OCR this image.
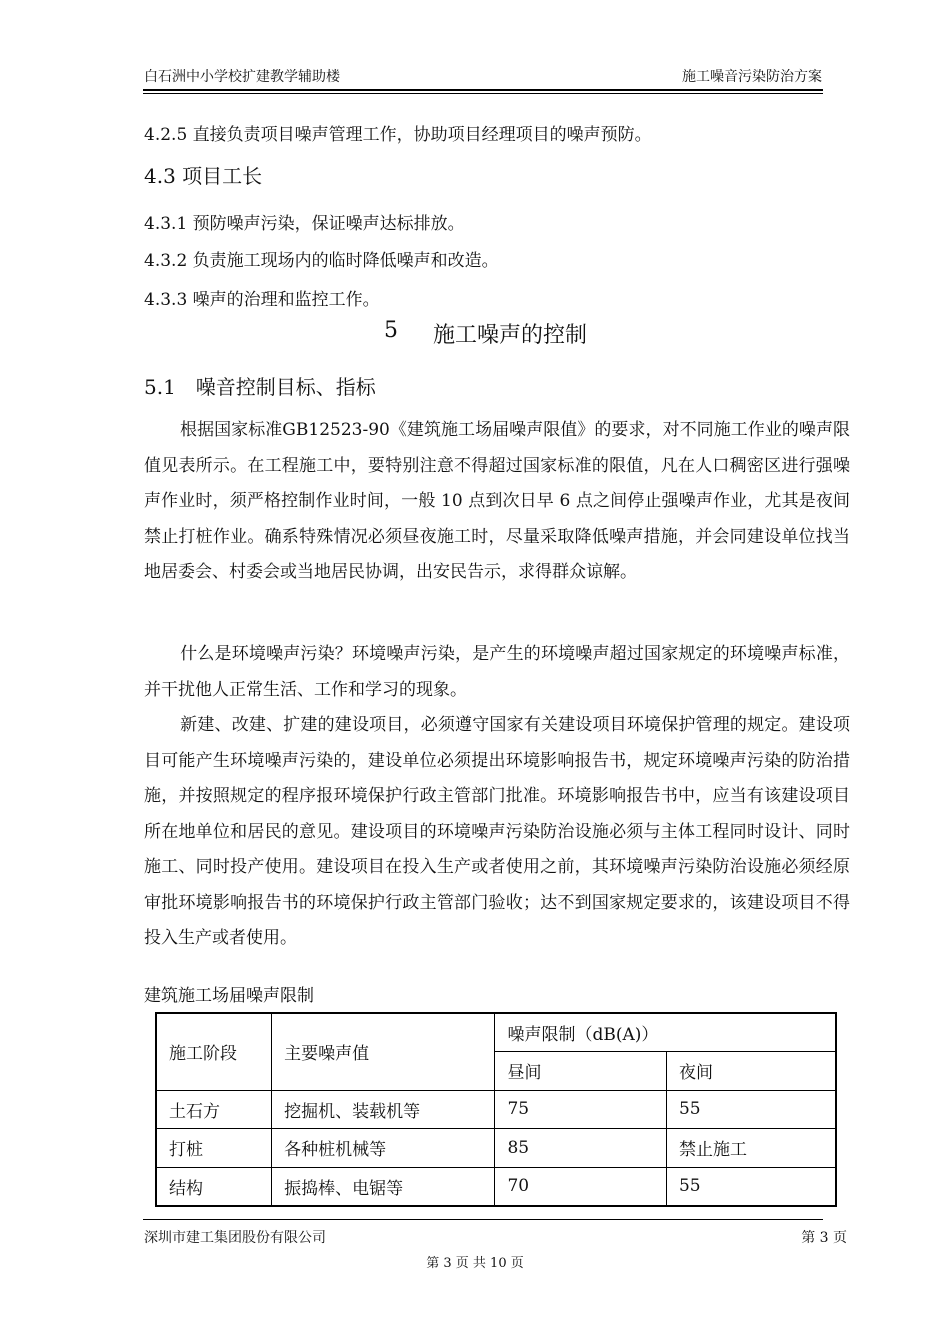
白石洲中小学校扩建教学辅助楼	施工噪音污染防治方案
4.2.5 直接负责项目噪声管理工作，协助项目经理项目的噪声预防。
4.3 项目工长
4.3.1 预防噪声污染，保证噪声达标排放。
4.3.2 负责施工现场内的临时降低噪声和改造。
4.3.3 噪声的治理和监控工作。
5 施工噪声的控制
5.1　噪音控制目标、指标

根据国家标准GB12523-90《建筑施工场届噪声限值》的要求，对不同施工作业的噪声限值见表所示。在工程施工中，要特别注意不得超过国家标准的限值，凡在人口稠密区进行强噪声作业时，须严格控制作业时间，一般 10 点到次日早 6 点之间停止强噪声作业，尤其是夜间禁止打桩作业。确系特殊情况必须昼夜施工时，尽量采取降低噪声措施，并会同建设单位找当地居委会、村委会或当地居民协调，出安民告示，求得群众谅解。

什么是环境噪声污染？环境噪声污染，是产生的环境噪声超过国家规定的环境噪声标准，并干扰他人正常生活、工作和学习的现象。

新建、改建、扩建的建设项目，必须遵守国家有关建设项目环境保护管理的规定。建设项目可能产生环境噪声污染的，建设单位必须提出环境影响报告书，规定环境噪声污染的防治措施，并按照规定的程序报环境保护行政主管部门批准。环境影响报告书中，应当有该建设项目所在地单位和居民的意见。建设项目的环境噪声污染防治设施必须与主体工程同时设计、同时施工、同时投产使用。建设项目在投入生产或者使用之前，其环境噪声污染防治设施必须经原审批环境影响报告书的环境保护行政主管部门验收；达不到国家规定要求的，该建设项目不得投入生产或者使用。

建筑施工场届噪声限制
施工阶段	主要噪声值	噪声限制（dB(A)）	
		昼间	夜间
土石方	挖掘机、装载机等	75	55
打桩	各种桩机械等	85	禁止施工
结构	振捣棒、电锯等	70	55
深圳市建工集团股份有限公司	第 3 页
第 3 页 共 10 页
